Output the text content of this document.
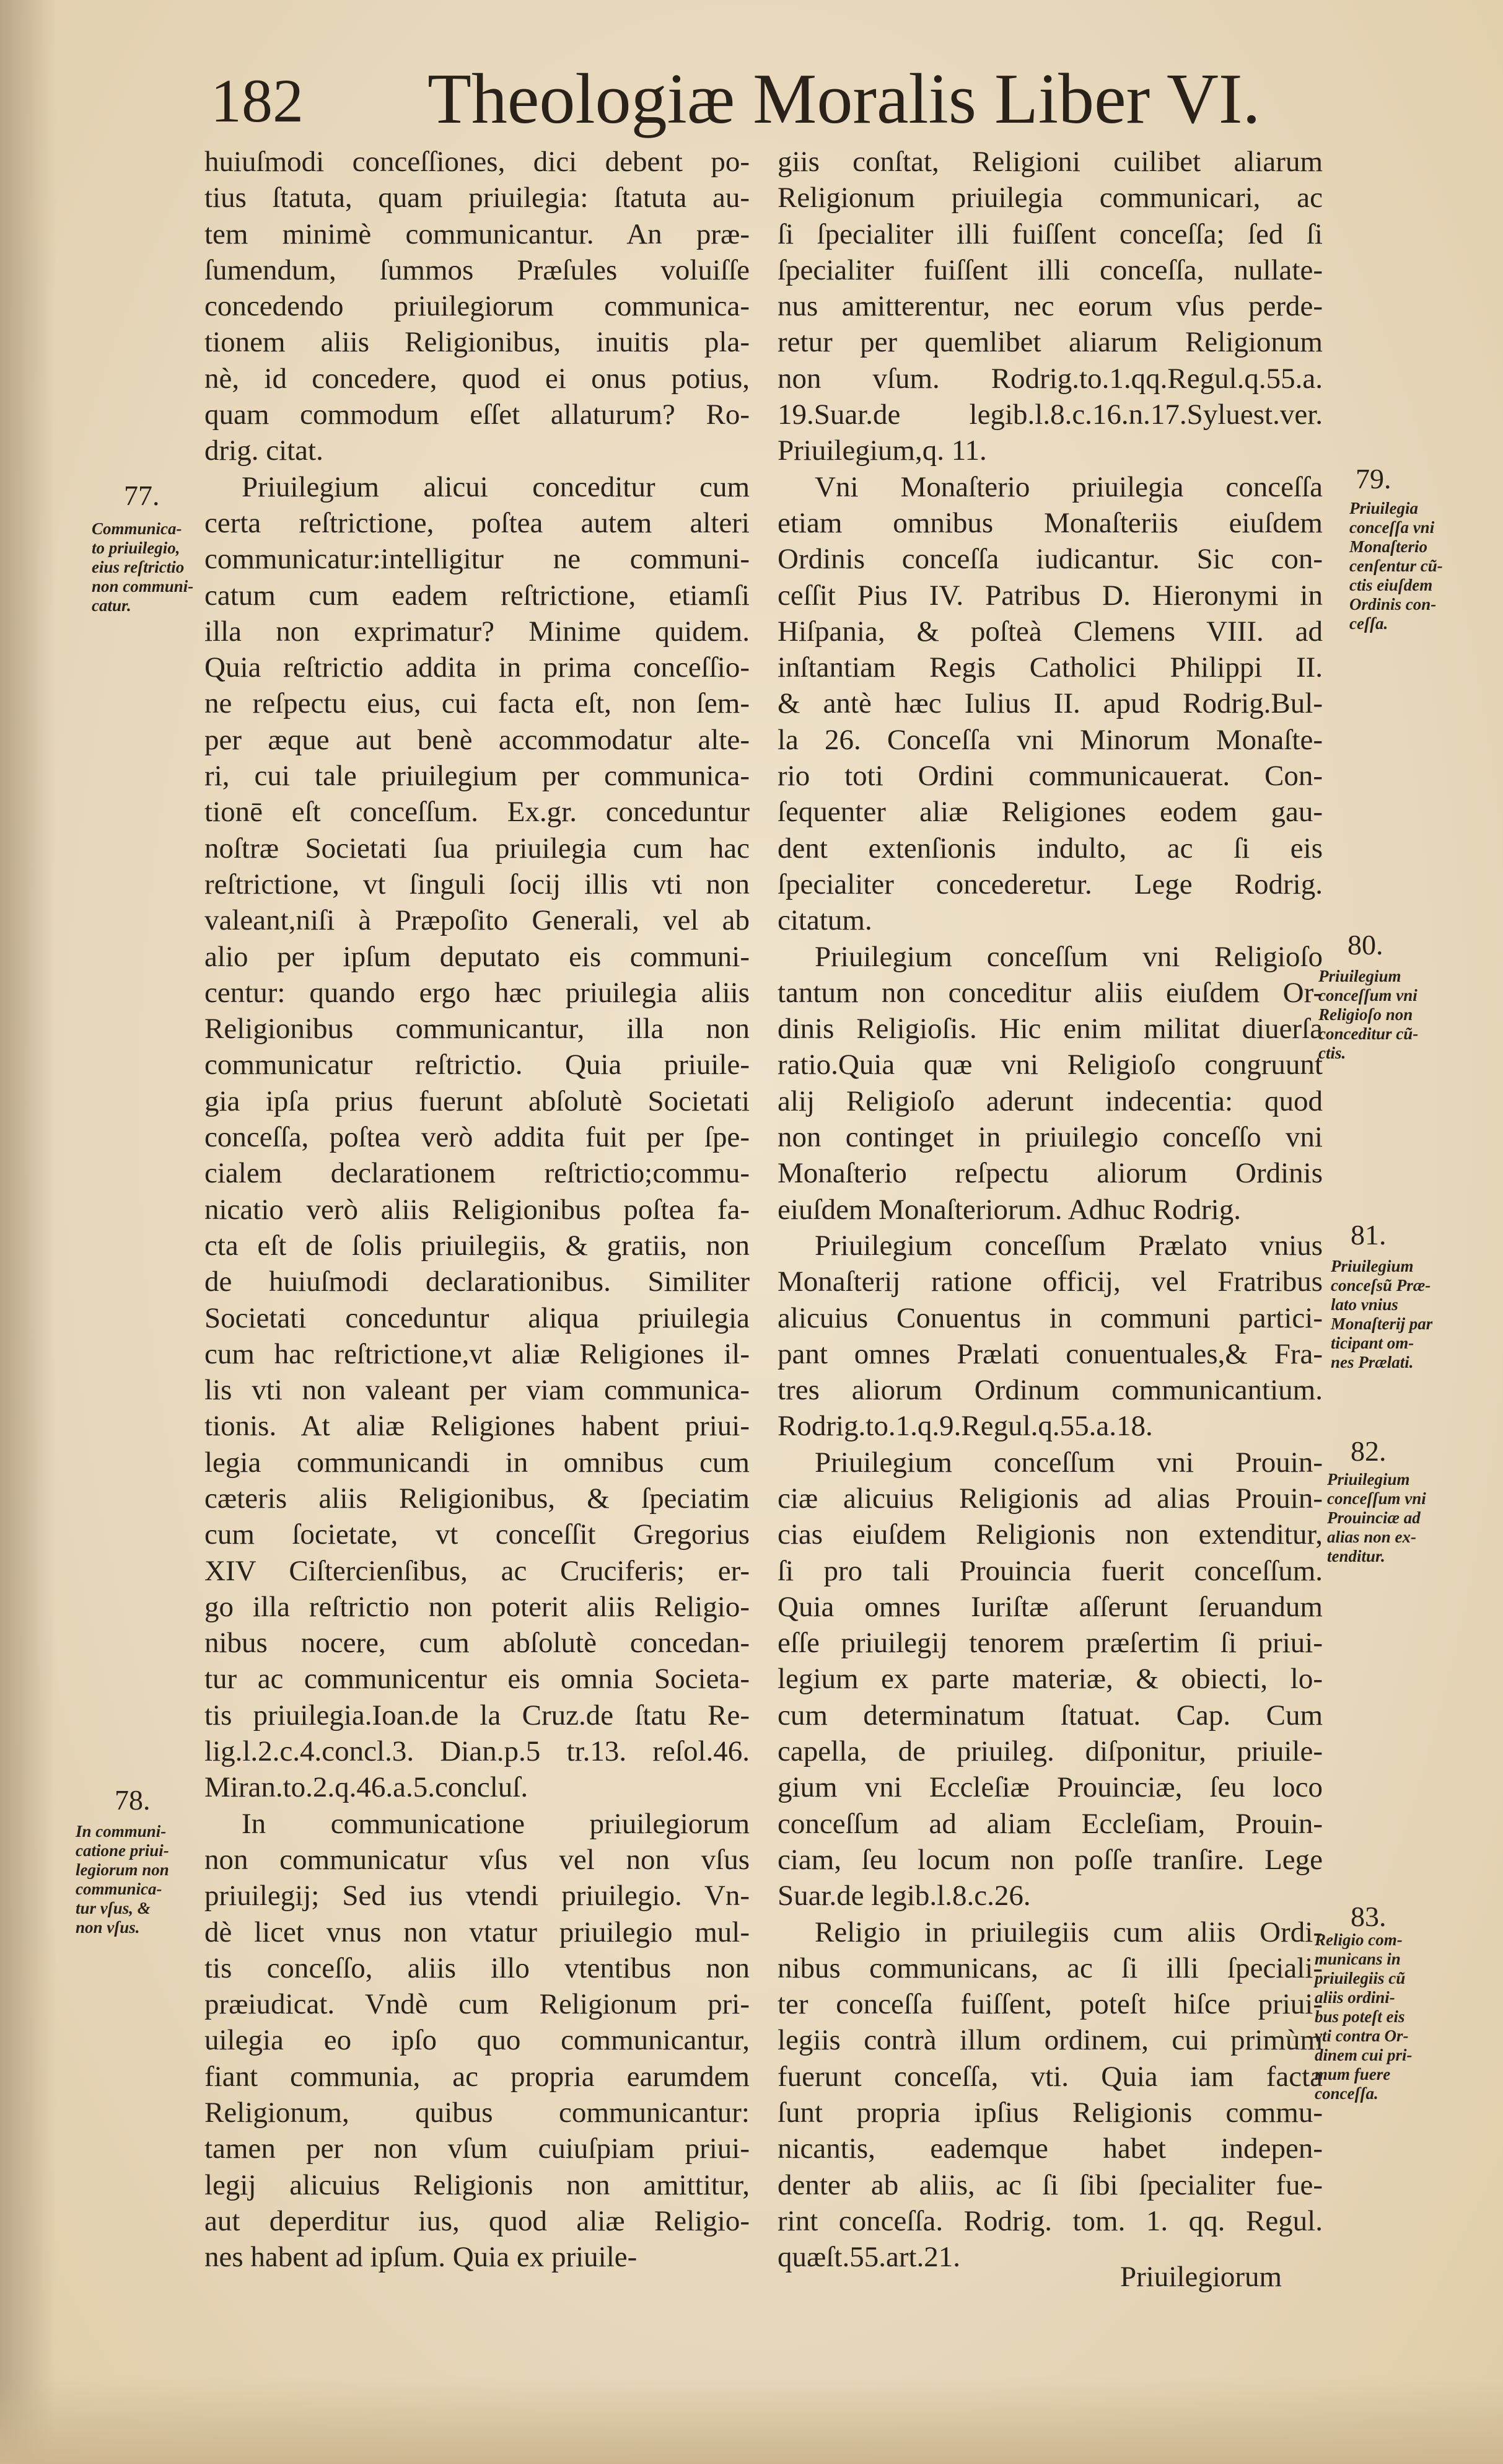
182 Theologiæ Moralis Liber VI.
huiuſmodi conceſſiones, dici debent po-
tius ſtatuta, quam priuilegia: ſtatuta au-
tem minimè communicantur. An præ-
ſumendum, ſummos Præſules voluiſſe
concedendo priuilegiorum communica-
tionem aliis Religionibus, inuitis pla-
nè, id concedere, quod ei onus potius,
quam commodum eſſet allaturum? Ro-
drig. citat.
Priuilegium alicui conceditur cum
certa reſtrictione, poſtea autem alteri
communicatur:intelligitur ne communi-
catum cum eadem reſtrictione, etiamſi
illa non exprimatur? Minime quidem.
Quia reſtrictio addita in prima conceſſio-
ne reſpectu eius, cui facta eſt, non ſem-
per æque aut benè accommodatur alte-
ri, cui tale priuilegium per communica-
tionē eſt conceſſum. Ex.gr. conceduntur
noſtræ Societati ſua priuilegia cum hac
reſtrictione, vt ſinguli ſocij illis vti non
valeant,niſi à Præpoſito Generali, vel ab
alio per ipſum deputato eis communi-
centur: quando ergo hæc priuilegia aliis
Religionibus communicantur, illa non
communicatur reſtrictio. Quia priuile-
gia ipſa prius fuerunt abſolutè Societati
conceſſa, poſtea verò addita fuit per ſpe-
cialem declarationem reſtrictio;commu-
nicatio verò aliis Religionibus poſtea fa-
cta eſt de ſolis priuilegiis, & gratiis, non
de huiuſmodi declarationibus. Similiter
Societati conceduntur aliqua priuilegia
cum hac reſtrictione,vt aliæ Religiones il-
lis vti non valeant per viam communica-
tionis. At aliæ Religiones habent priui-
legia communicandi in omnibus cum
cæteris aliis Religionibus, & ſpeciatim
cum ſocietate, vt conceſſit Gregorius
XIV Ciſtercienſibus, ac Cruciferis; er-
go illa reſtrictio non poterit aliis Religio-
nibus nocere, cum abſolutè concedan-
tur ac communicentur eis omnia Societa-
tis priuilegia.Ioan.de la Cruz.de ſtatu Re-
lig.l.2.c.4.concl.3. Dian.p.5 tr.13. reſol.46.
Miran.to.2.q.46.a.5.concluſ.
In communicatione priuilegiorum
non communicatur vſus vel non vſus
priuilegij; Sed ius vtendi priuilegio. Vn-
dè licet vnus non vtatur priuilegio mul-
tis conceſſo, aliis illo vtentibus non
præiudicat. Vndè cum Religionum pri-
uilegia eo ipſo quo communicantur,
fiant communia, ac propria earumdem
Religionum, quibus communicantur:
tamen per non vſum cuiuſpiam priui-
legij alicuius Religionis non amittitur,
aut deperditur ius, quod aliæ Religio-
nes habent ad ipſum. Quia ex priuile-
giis conſtat, Religioni cuilibet aliarum
Religionum priuilegia communicari, ac
ſi ſpecialiter illi fuiſſent conceſſa; ſed ſi
ſpecialiter fuiſſent illi conceſſa, nullate-
nus amitterentur, nec eorum vſus perde-
retur per quemlibet aliarum Religionum
non vſum. Rodrig.to.1.qq.Regul.q.55.a.
19.Suar.de legib.l.8.c.16.n.17.Syluest.ver.
Priuilegium,q. 11.
Vni Monaſterio priuilegia conceſſa
etiam omnibus Monaſteriis eiuſdem
Ordinis conceſſa iudicantur. Sic con-
ceſſit Pius IV. Patribus D. Hieronymi in
Hiſpania, & poſteà Clemens VIII. ad
inſtantiam Regis Catholici Philippi II.
& antè hæc Iulius II. apud Rodrig.Bul-
la 26. Conceſſa vni Minorum Monaſte-
rio toti Ordini communicauerat. Con-
ſequenter aliæ Religiones eodem gau-
dent extenſionis indulto, ac ſi eis
ſpecialiter concederetur. Lege Rodrig.
citatum.
Priuilegium conceſſum vni Religioſo
tantum non conceditur aliis eiuſdem Or-
dinis Religioſis. Hic enim militat diuerſa
ratio.Quia quæ vni Religioſo congruunt
alij Religioſo aderunt indecentia: quod
non continget in priuilegio conceſſo vni
Monaſterio reſpectu aliorum Ordinis
eiuſdem Monaſteriorum. Adhuc Rodrig.
Priuilegium conceſſum Prælato vnius
Monaſterij ratione officij, vel Fratribus
alicuius Conuentus in communi partici-
pant omnes Prælati conuentuales,& Fra-
tres aliorum Ordinum communicantium.
Rodrig.to.1.q.9.Regul.q.55.a.18.
Priuilegium conceſſum vni Prouin-
ciæ alicuius Religionis ad alias Prouin-
cias eiuſdem Religionis non extenditur,
ſi pro tali Prouincia fuerit conceſſum.
Quia omnes Iuriſtæ aſſerunt ſeruandum
eſſe priuilegij tenorem præſertim ſi priui-
legium ex parte materiæ, & obiecti, lo-
cum determinatum ſtatuat. Cap. Cum
capella, de priuileg. diſponitur, priuile-
gium vni Eccleſiæ Prouinciæ, ſeu loco
conceſſum ad aliam Eccleſiam, Prouin-
ciam, ſeu locum non poſſe tranſire. Lege
Suar.de legib.l.8.c.26.
Religio in priuilegiis cum aliis Ordi-
nibus communicans, ac ſi illi ſpeciali-
ter conceſſa fuiſſent, poteſt hiſce priui-
legiis contrà illum ordinem, cui primùm
fuerunt conceſſa, vti. Quia iam facta
ſunt propria ipſius Religionis commu-
nicantis, eademque habet indepen-
denter ab aliis, ac ſi ſibi ſpecialiter fue-
rint conceſſa. Rodrig. tom. 1. qq. Regul.
quæſt.55.art.21.
77.
78.
79.
80.
81.
82.
83.
Communica-
to priuilegio,
eius reſtrictio
non communi-
catur.
In communi-
catione priui-
legiorum non
communica-
tur vſus, &
non vſus.
Priuilegia
conceſſa vni
Monaſterio
cenſentur cũ-
ctis eiuſdem
Ordinis con-
ceſſa.
Priuilegium
conceſſum vni
Religioſo non
conceditur cũ-
ctis.
Priuilegium
conceſsũ Præ-
lato vnius
Monaſterij par
ticipant om-
nes Prælati.
Priuilegium
conceſſum vni
Prouinciæ ad
alias non ex-
tenditur.
Religio com-
municans in
priuilegiis cũ
aliis ordini-
bus poteſt eis
vti contra Or-
dinem cui pri-
mum fuere
conceſſa.
Priuilegiorum
